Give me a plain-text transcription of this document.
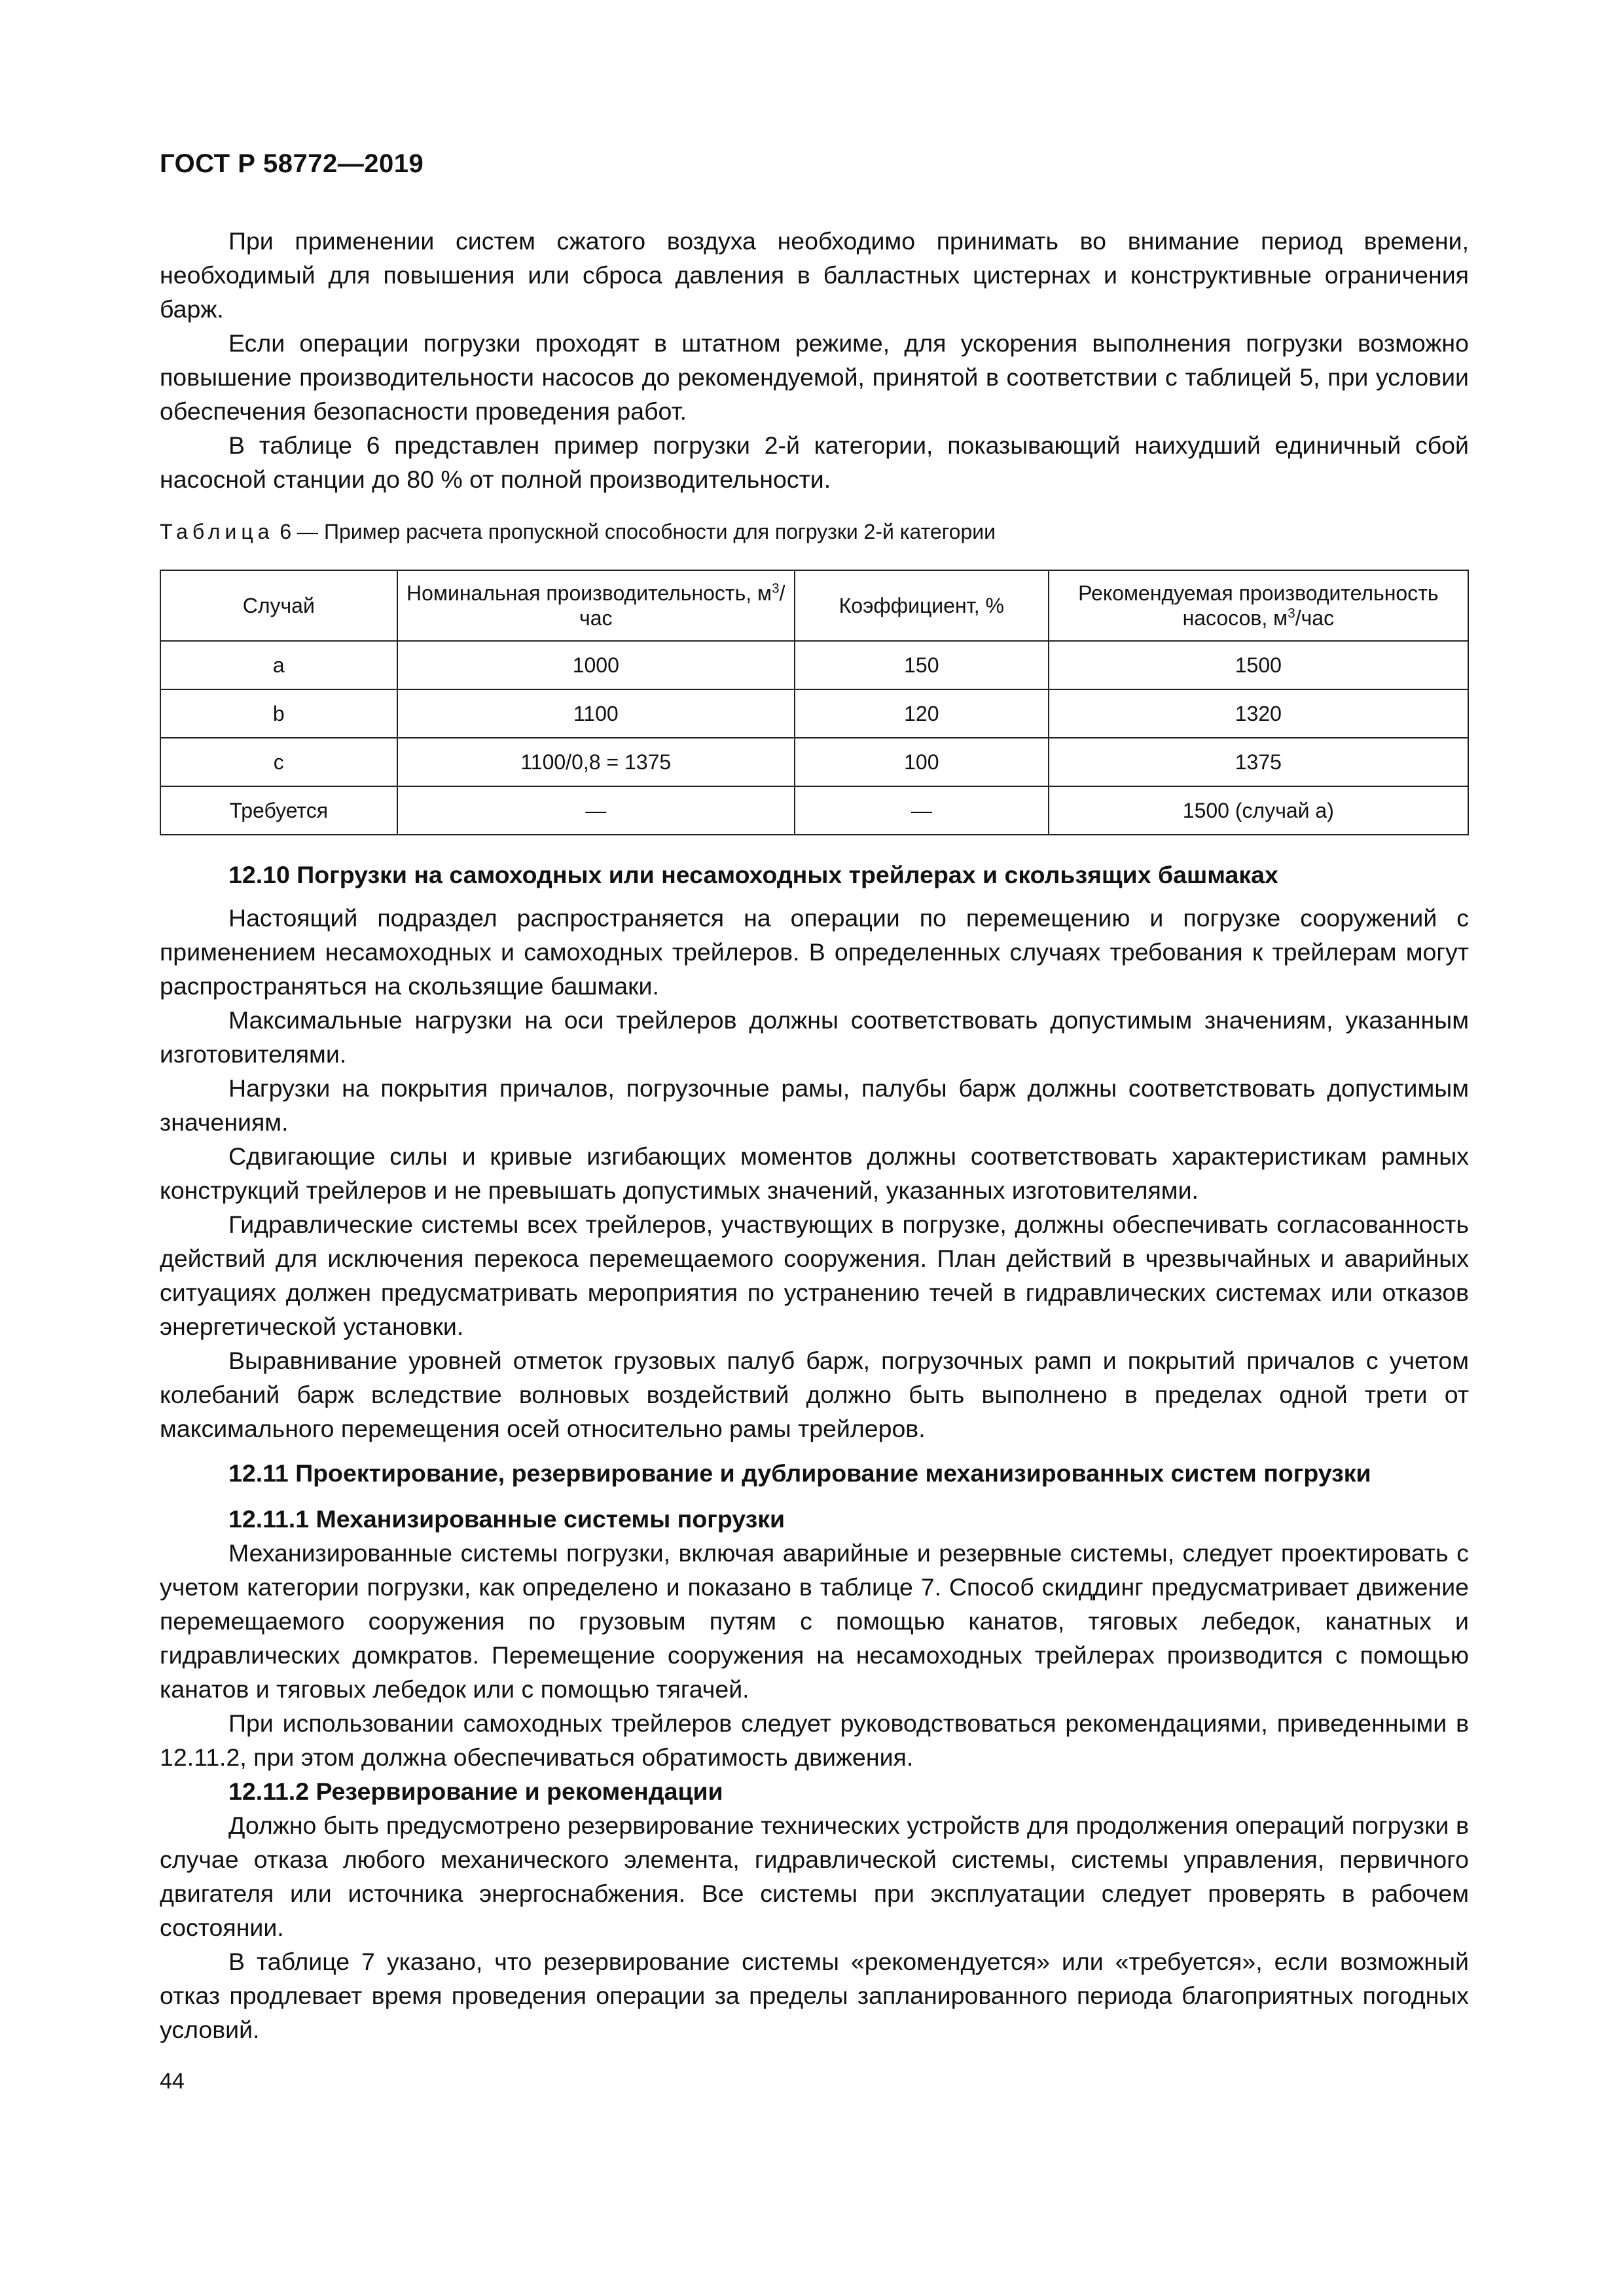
ГОСТ Р 58772—2019

При применении систем сжатого воздуха необходимо принимать во внимание период времени, необходимый для повышения или сброса давления в балластных цистернах и конструктивные ограничения барж.

Если операции погрузки проходят в штатном режиме, для ускорения выполнения погрузки возможно повышение производительности насосов до рекомендуемой, принятой в соответствии с таблицей 5, при условии обеспечения безопасности проведения работ.

В таблице 6 представлен пример погрузки 2-й категории, показывающий наихудший единичный сбой насосной станции до 80 % от полной производительности.

Таблица 6 — Пример расчета пропускной способности для погрузки 2-й категории
Случай	Номинальная производительность, $м^3$/час	Коэффициент, %	Рекомендуемая производительность насосов, $м^3$/час
a	1000	150	1500
b	1100	120	1320
c	1100/0,8 = 1375	100	1375
Требуется	—	—	1500 (случай а)

12.10 Погрузки на самоходных или несамоходных трейлерах и скользящих башмаках

Настоящий подраздел распространяется на операции по перемещению и погрузке сооружений с применением несамоходных и самоходных трейлеров. В определенных случаях требования к трейлерам могут распространяться на скользящие башмаки.

Максимальные нагрузки на оси трейлеров должны соответствовать допустимым значениям, указанным изготовителями.

Нагрузки на покрытия причалов, погрузочные рамы, палубы барж должны соответствовать допустимым значениям.

Сдвигающие силы и кривые изгибающих моментов должны соответствовать характеристикам рамных конструкций трейлеров и не превышать допустимых значений, указанных изготовителями.

Гидравлические системы всех трейлеров, участвующих в погрузке, должны обеспечивать согласованность действий для исключения перекоса перемещаемого сооружения. План действий в чрезвычайных и аварийных ситуациях должен предусматривать мероприятия по устранению течей в гидравлических системах или отказов энергетической установки.

Выравнивание уровней отметок грузовых палуб барж, погрузочных рамп и покрытий причалов с учетом колебаний барж вследствие волновых воздействий должно быть выполнено в пределах одной трети от максимального перемещения осей относительно рамы трейлеров.

12.11 Проектирование, резервирование и дублирование механизированных систем погрузки

12.11.1 Механизированные системы погрузки

Механизированные системы погрузки, включая аварийные и резервные системы, следует проектировать с учетом категории погрузки, как определено и показано в таблице 7. Способ скиддинг предусматривает движение перемещаемого сооружения по грузовым путям с помощью канатов, тяговых лебедок, канатных и гидравлических домкратов. Перемещение сооружения на несамоходных трейлерах производится с помощью канатов и тяговых лебедок или с помощью тягачей.

При использовании самоходных трейлеров следует руководствоваться рекомендациями, приведенными в 12.11.2, при этом должна обеспечиваться обратимость движения.

12.11.2 Резервирование и рекомендации

Должно быть предусмотрено резервирование технических устройств для продолжения операций погрузки в случае отказа любого механического элемента, гидравлической системы, системы управления, первичного двигателя или источника энергоснабжения. Все системы при эксплуатации следует проверять в рабочем состоянии.

В таблице 7 указано, что резервирование системы «рекомендуется» или «требуется», если возможный отказ продлевает время проведения операции за пределы запланированного периода благоприятных погодных условий.

44
